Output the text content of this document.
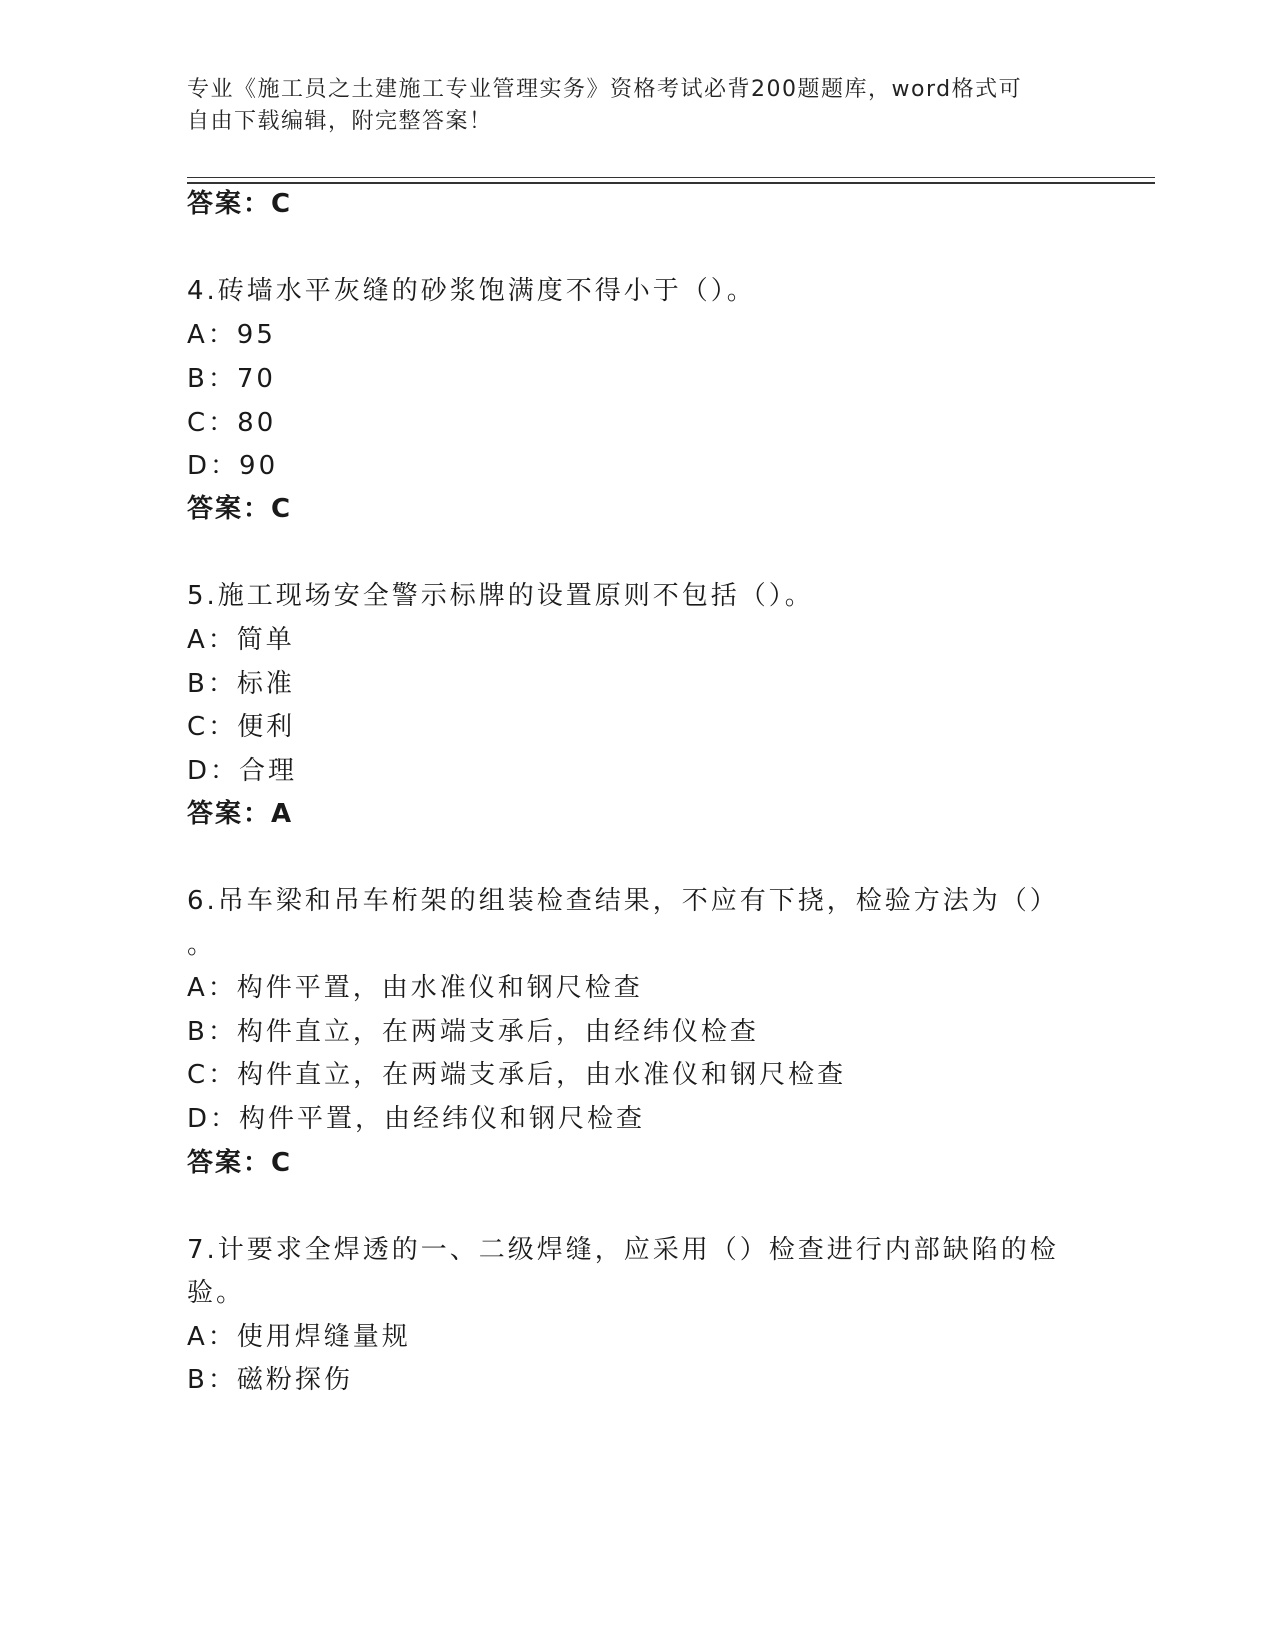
专业《施工员之土建施工专业管理实务》资格考试必背200题题库，word格式可
自由下载编辑，附完整答案！
答案：C
4.砖墙水平灰缝的砂浆饱满度不得小于（）。
A：95
B：70
C：80
D：90
答案：C
5.施工现场安全警示标牌的设置原则不包括（）。
A：简单
B：标准
C：便利
D：合理
答案：A
6.吊车梁和吊车桁架的组装检查结果，不应有下挠，检验方法为（）
。
A：构件平置，由水准仪和钢尺检查
B：构件直立，在两端支承后，由经纬仪检查
C：构件直立，在两端支承后，由水准仪和钢尺检查
D：构件平置，由经纬仪和钢尺检查
答案：C
7.计要求全焊透的一、二级焊缝，应采用（）检查进行内部缺陷的检
验。
A：使用焊缝量规
B：磁粉探伤
